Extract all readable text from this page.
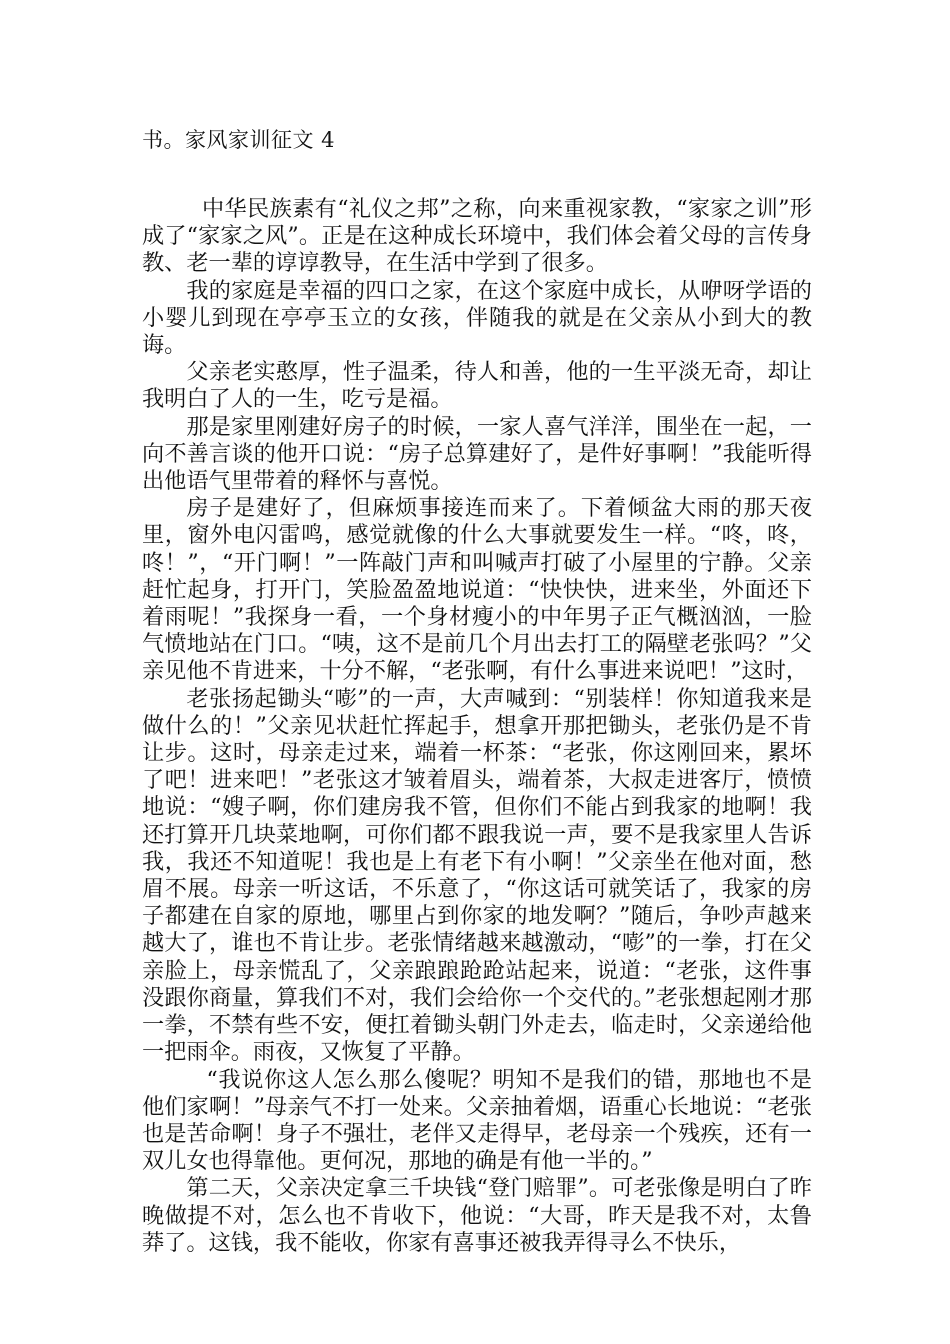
书。家风家训征文 4

中华民族素有“礼仪之邦”之称，向来重视家教，“家家之训”形成了“家家之风”。正是在这种成长环境中，我们体会着父母的言传身教、老一辈的谆谆教导，在生活中学到了很多。

我的家庭是幸福的四口之家，在这个家庭中成长，从咿呀学语的小婴儿到现在亭亭玉立的女孩，伴随我的就是在父亲从小到大的教诲。

父亲老实憨厚，性子温柔，待人和善，他的一生平淡无奇，却让我明白了人的一生，吃亏是福。

那是家里刚建好房子的时候，一家人喜气洋洋，围坐在一起，一向不善言谈的他开口说：“房子总算建好了，是件好事啊！”我能听得出他语气里带着的释怀与喜悦。

房子是建好了，但麻烦事接连而来了。下着倾盆大雨的那天夜里，窗外电闪雷鸣，感觉就像的什么大事就要发生一样。“咚，咚，咚！”，“开门啊！”一阵敲门声和叫喊声打破了小屋里的宁静。父亲赶忙起身，打开门，笑脸盈盈地说道：“快快快，进来坐，外面还下着雨呢！”我探身一看，一个身材瘦小的中年男子正气概汹汹，一脸气愤地站在门口。“咦，这不是前几个月出去打工的隔壁老张吗？”父亲见他不肯进来，十分不解，“老张啊，有什么事进来说吧！”这时，

老张扬起锄头“嘭”的一声，大声喊到：“别装样！你知道我来是做什么的！”父亲见状赶忙挥起手，想拿开那把锄头，老张仍是不肯让步。这时，母亲走过来，端着一杯茶：“老张，你这刚回来，累坏了吧！进来吧！”老张这才皱着眉头，端着茶，大叔走进客厅，愤愤地说：“嫂子啊，你们建房我不管，但你们不能占到我家的地啊！我还打算开几块菜地啊，可你们都不跟我说一声，要不是我家里人告诉我，我还不知道呢！我也是上有老下有小啊！”父亲坐在他对面，愁眉不展。母亲一听这话，不乐意了，“你这话可就笑话了，我家的房子都建在自家的原地，哪里占到你家的地发啊？”随后，争吵声越来越大了，谁也不肯让步。老张情绪越来越激动，“嘭”的一拳，打在父亲脸上，母亲慌乱了，父亲踉踉跄跄站起来，说道：“老张，这件事没跟你商量，算我们不对，我们会给你一个交代的。”老张想起刚才那一拳，不禁有些不安，便扛着锄头朝门外走去，临走时，父亲递给他一把雨伞。雨夜，又恢复了平静。

“我说你这人怎么那么傻呢？明知不是我们的错，那地也不是他们家啊！”母亲气不打一处来。父亲抽着烟，语重心长地说：“老张也是苦命啊！身子不强壮，老伴又走得早，老母亲一个残疾，还有一双儿女也得靠他。更何况，那地的确是有他一半的。”

第二天，父亲决定拿三千块钱“登门赔罪”。可老张像是明白了昨晚做提不对，怎么也不肯收下，他说：“大哥，昨天是我不对，太鲁莽了。这钱，我不能收，你家有喜事还被我弄得寻么不快乐，
